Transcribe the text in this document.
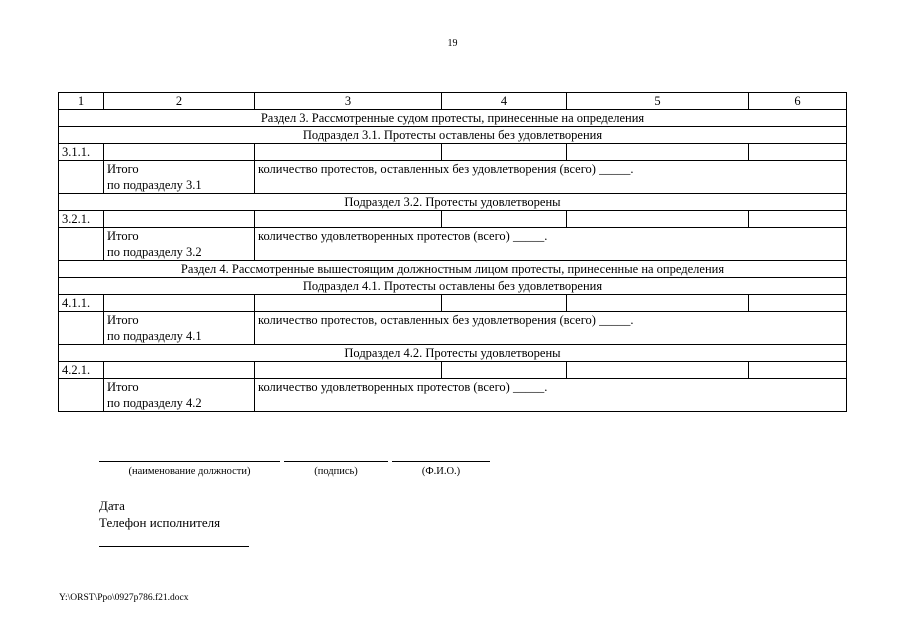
19
1	2	3	4	5	6
Раздел 3. Рассмотренные судом протесты, принесенные на определения					
Подраздел 3.1. Протесты оставлены без удовлетворения					
3.1.1.					
	Итого
по подразделу 3.1	количество протестов, оставленных без удовлетворения (всего) _____.			
Подраздел 3.2. Протесты удовлетворены					
3.2.1.					
	Итого
по подразделу 3.2	количество удовлетворенных протестов (всего) _____.			
Раздел 4. Рассмотренные вышестоящим должностным лицом протесты, принесенные на определения					
Подраздел 4.1. Протесты оставлены без удовлетворения					
4.1.1.					
	Итого
по подразделу 4.1	количество протестов, оставленных без удовлетворения (всего) _____.			
Подраздел 4.2. Протесты удовлетворены					
4.2.1.					
	Итого
по подразделу 4.2	количество удовлетворенных протестов (всего) _____.			
(наименование должности)	(подпись)	(Ф.И.О.)
Дата
Телефон исполнителя
Y:\ORST\Ppo\0927p786.f21.docx
